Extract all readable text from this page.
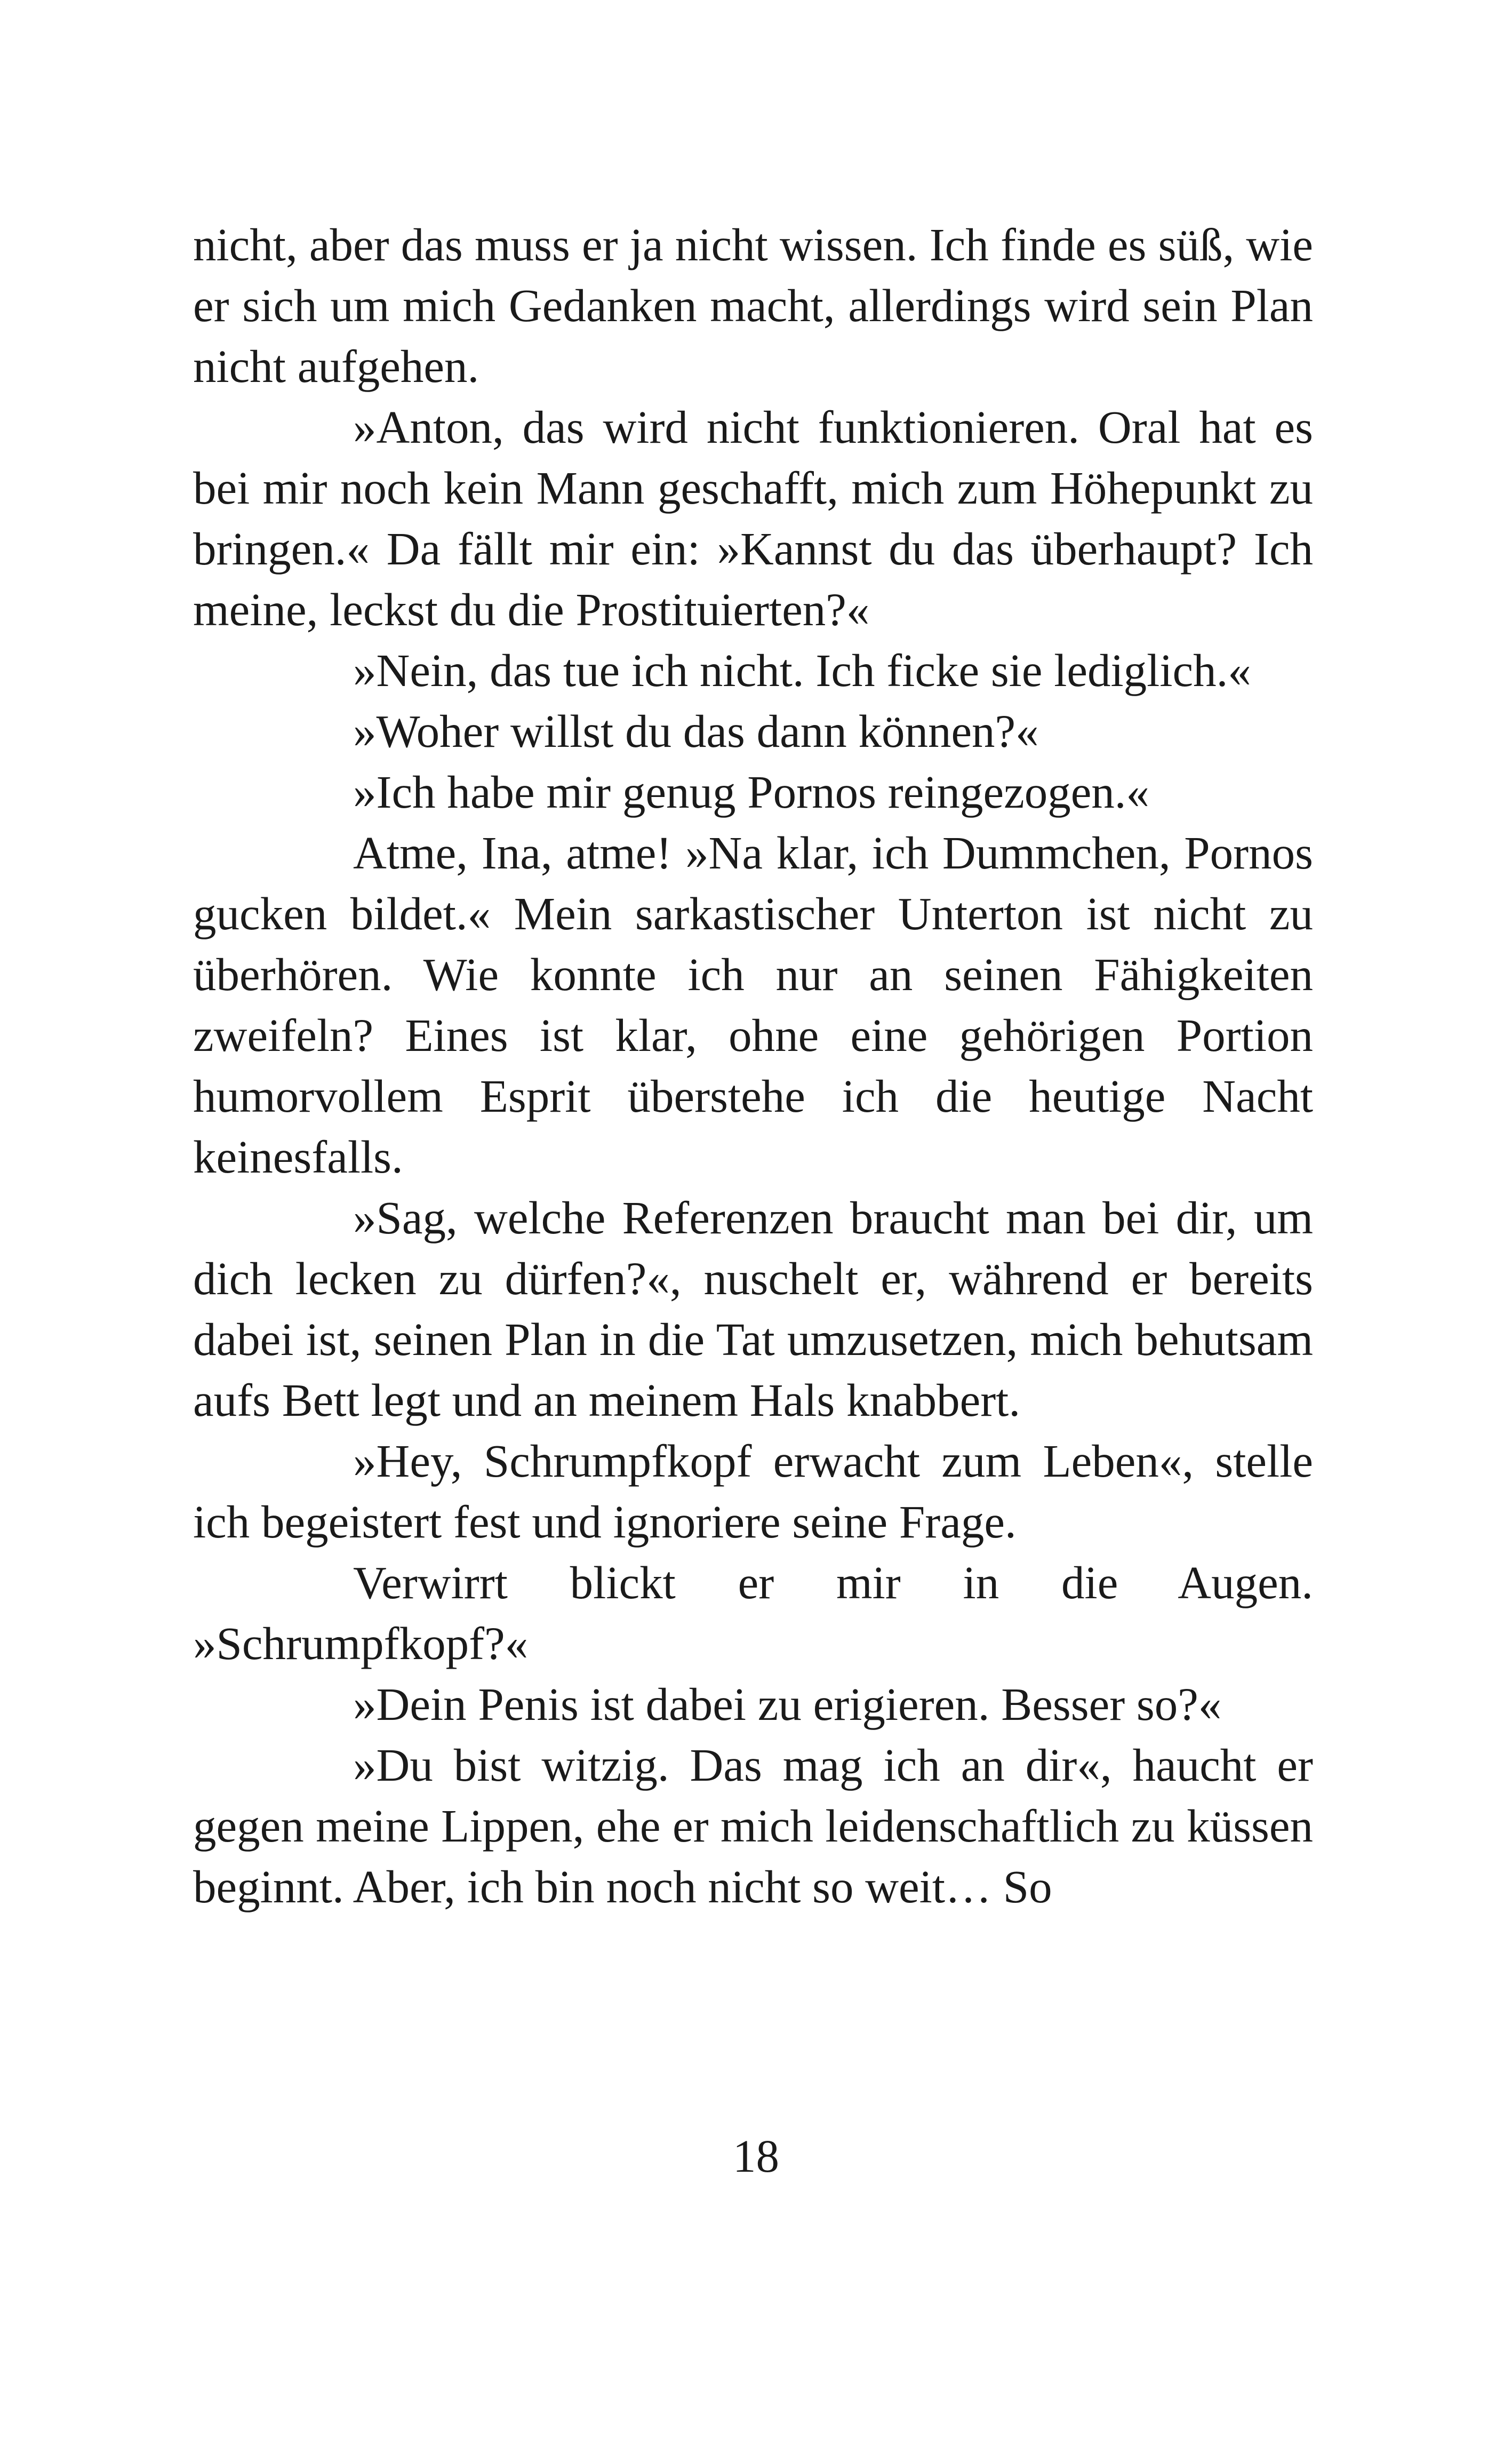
nicht, aber das muss er ja nicht wissen. Ich finde es süß, wie er sich um mich Gedanken macht, allerdings wird sein Plan nicht aufgehen.

»Anton, das wird nicht funktionieren. Oral hat es bei mir noch kein Mann geschafft, mich zum Höhepunkt zu bringen.« Da fällt mir ein: »Kannst du das überhaupt? Ich meine, leckst du die Prostituierten?«

»Nein, das tue ich nicht. Ich ficke sie lediglich.«

»Woher willst du das dann können?«

»Ich habe mir genug Pornos reingezogen.«

Atme, Ina, atme! »Na klar, ich Dummchen, Pornos gucken bildet.« Mein sarkastischer Unterton ist nicht zu überhören. Wie konnte ich nur an seinen Fähigkeiten zweifeln? Eines ist klar, ohne eine gehörigen Portion humorvollem Esprit überstehe ich die heutige Nacht keinesfalls.

»Sag, welche Referenzen braucht man bei dir, um dich lecken zu dürfen?«, nuschelt er, während er bereits dabei ist, seinen Plan in die Tat umzusetzen, mich behutsam aufs Bett legt und an meinem Hals knabbert.

»Hey, Schrumpfkopf erwacht zum Leben«, stelle ich begeistert fest und ignoriere seine Frage.

Verwirrt blickt er mir in die Augen. »Schrumpfkopf?«

»Dein Penis ist dabei zu erigieren. Besser so?«

»Du bist witzig. Das mag ich an dir«, haucht er gegen meine Lippen, ehe er mich leidenschaftlich zu küssen beginnt. Aber, ich bin noch nicht so weit… So

18
